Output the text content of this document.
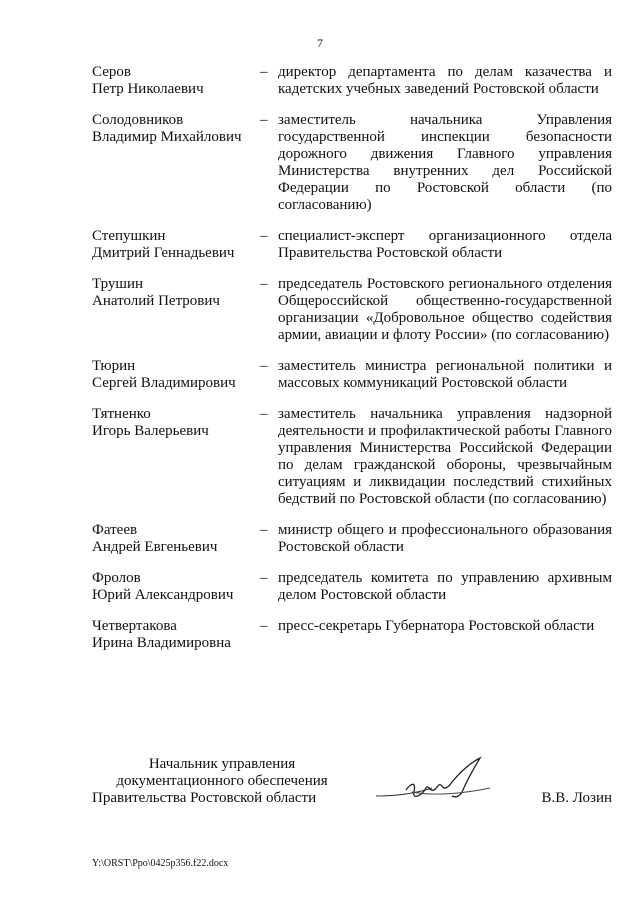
7
Серов
Петр Николаевич
– директор департамента по делам казачества и кадетских учебных заведений Ростовской области
Солодовников
Владимир Михайлович
– заместитель начальника Управления государственной инспекции безопасности дорожного движения Главного управления Министерства внутренних дел Российской Федерации по Ростовской области (по согласованию)
Степушкин
Дмитрий Геннадьевич
– специалист-эксперт организационного отдела Правительства Ростовской области
Трушин
Анатолий Петрович
– председатель Ростовского регионального отделения Общероссийской общественно-государственной организации «Добровольное общество содействия армии, авиации и флоту России» (по согласованию)
Тюрин
Сергей Владимирович
– заместитель министра региональной политики и массовых коммуникаций Ростовской области
Тятненко
Игорь Валерьевич
– заместитель начальника управления надзорной деятельности и профилактической работы Главного управления Министерства Российской Федерации по делам гражданской обороны, чрезвычайным ситуациям и ликвидации последствий стихийных бедствий по Ростовской области (по согласованию)
Фатеев
Андрей Евгеньевич
– министр общего и профессионального образования Ростовской области
Фролов
Юрий Александрович
– председатель комитета по управлению архивным делом Ростовской области
Четвертакова
Ирина Владимировна
– пресс-секретарь Губернатора Ростовской области
Начальник управления
документационного обеспечения
Правительства Ростовской области	В.В. Лозин
Y:\ORST\Ppo\0425p356.f22.docx
